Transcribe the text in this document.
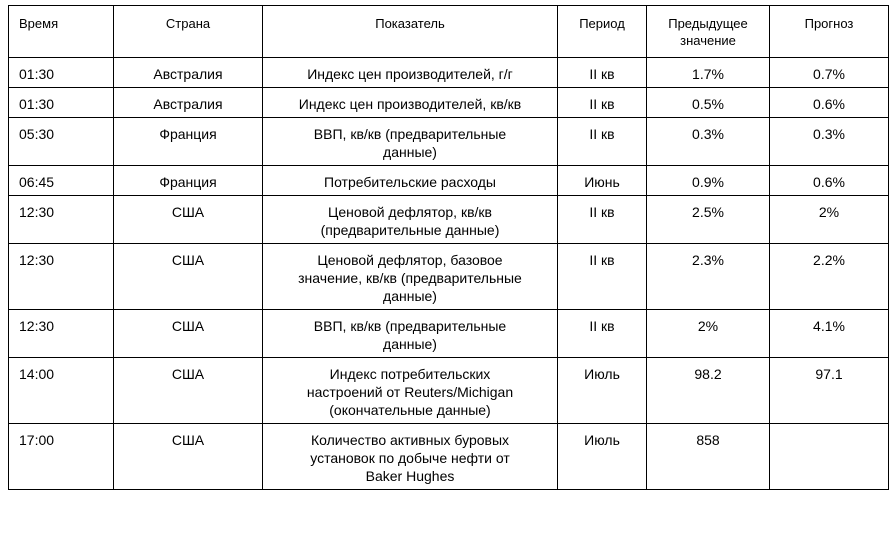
Время	Страна	Показатель	Период	Предыдущее значение	Прогноз
01:30	Австралия	Индекс цен производителей, г/г	II кв	1.7%	0.7%
01:30	Австралия	Индекс цен производителей, кв/кв	II кв	0.5%	0.6%
05:30	Франция	ВВП, кв/кв (предварительные данные)	II кв	0.3%	0.3%
06:45	Франция	Потребительские расходы	Июнь	0.9%	0.6%
12:30	США	Ценовой дефлятор, кв/кв (предварительные данные)	II кв	2.5%	2%
12:30	США	Ценовой дефлятор, базовое значение, кв/кв (предварительные данные)	II кв	2.3%	2.2%
12:30	США	ВВП, кв/кв (предварительные данные)	II кв	2%	4.1%
14:00	США	Индекс потребительских настроений от Reuters/Michigan (окончательные данные)	Июль	98.2	97.1
17:00	США	Количество активных буровых установок по добыче нефти от Baker Hughes	Июль	858	
